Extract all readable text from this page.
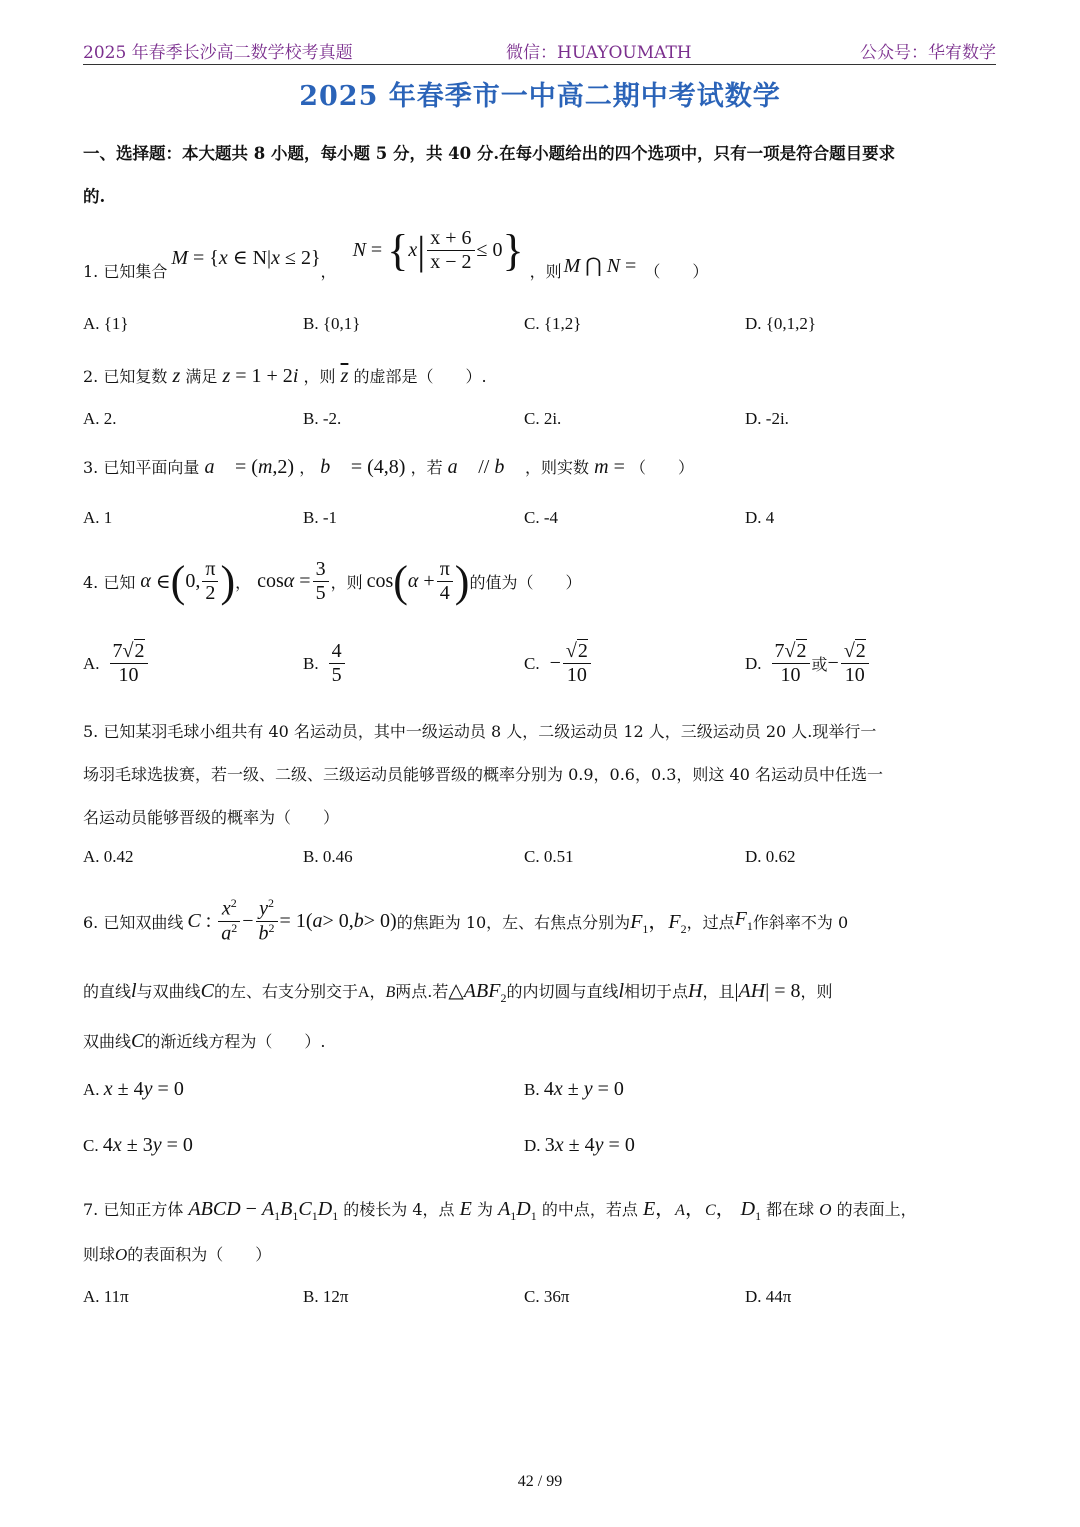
2025 年春季长沙高二数学校考真题	微信：HUAYOUMATH	公众号：华宥数学
2025 年春季市一中高二期中考试数学
一、选择题：本大题共 8 小题，每小题 5 分，共 40 分.在每小题给出的四个选项中，只有一项是符合题目要求
的.
1. 已知集合
M = {x ∈ N|x ≤ 2}
，
N = { x | $\frac{x + 6}{x - 2} \le 0$ } ，则 M ⋂ N = （　　）
A. {1}	B. {0,1}	C. {1,2}	D. {0,1,2}
2. 已知复数 z 满足 z = 1 + 2i ，则 $\overline{z}$ 的虚部是（　　）.
A. 2.	B. -2.	C. 2i.	D. -2i.
3. 已知平面向量 a⃗ = (m,2) ， b⃗ = (4,8) ，若 a⃗ // b⃗ ，则实数 m = （　　）
A. 1	B. -1	C. -4	D. 4
4. 已知 α ∈ ( 0, $\frac{\pi}{2}$ ) ， $\cos \alpha = \frac{3}{5}$ ，则 cos ( $\alpha + \frac{\pi}{4}$ ) 的值为（　　）
A. $\frac{7√2}{10}$	B. $\frac{4}{5}$	C. − $\frac{√2}{10}$	D. $\frac{7√2}{10}$ 或 − $\frac{√2}{10}$
5. 已知某羽毛球小组共有 40 名运动员，其中一级运动员 8 人，二级运动员 12 人，三级运动员 20 人.现举行一
场羽毛球选拔赛，若一级、二级、三级运动员能够晋级的概率分别为 0.9，0.6，0.3，则这 40 名运动员中任选一
名运动员能够晋级的概率为（　　）
A. 0.42	B. 0.46	C. 0.51	D. 0.62
6. 已知双曲线 C : $\frac{x^2}{a^2} - \frac{y^2}{b^2} = 1$( a > 0, b > 0) 的焦距为 10，左、右焦点分别为 $F_1$，$F_2$ ，过点 $F_1$ 作斜率不为 0
的直线l与双曲线C的左、右支分别交于A，B两点.若$\triangle ABF_2$的内切圆与直线l相切于点H，且|AH| = 8，则
双曲线C的渐近线方程为（　　）.
A. x ± 4y = 0	B. 4x ± y = 0
C. 4x ± 3y = 0	D. 3x ± 4y = 0
7. 已知正方体 ABCD − $A_1B_1C_1D_1$ 的棱长为 4，点 E 为 $A_1D_1$ 的中点，若点 E，A，C， $D_1$ 都在球 O 的表面上，
则球O的表面积为（　　）
A. 11π	B. 12π	C. 36π	D. 44π
42 / 99
